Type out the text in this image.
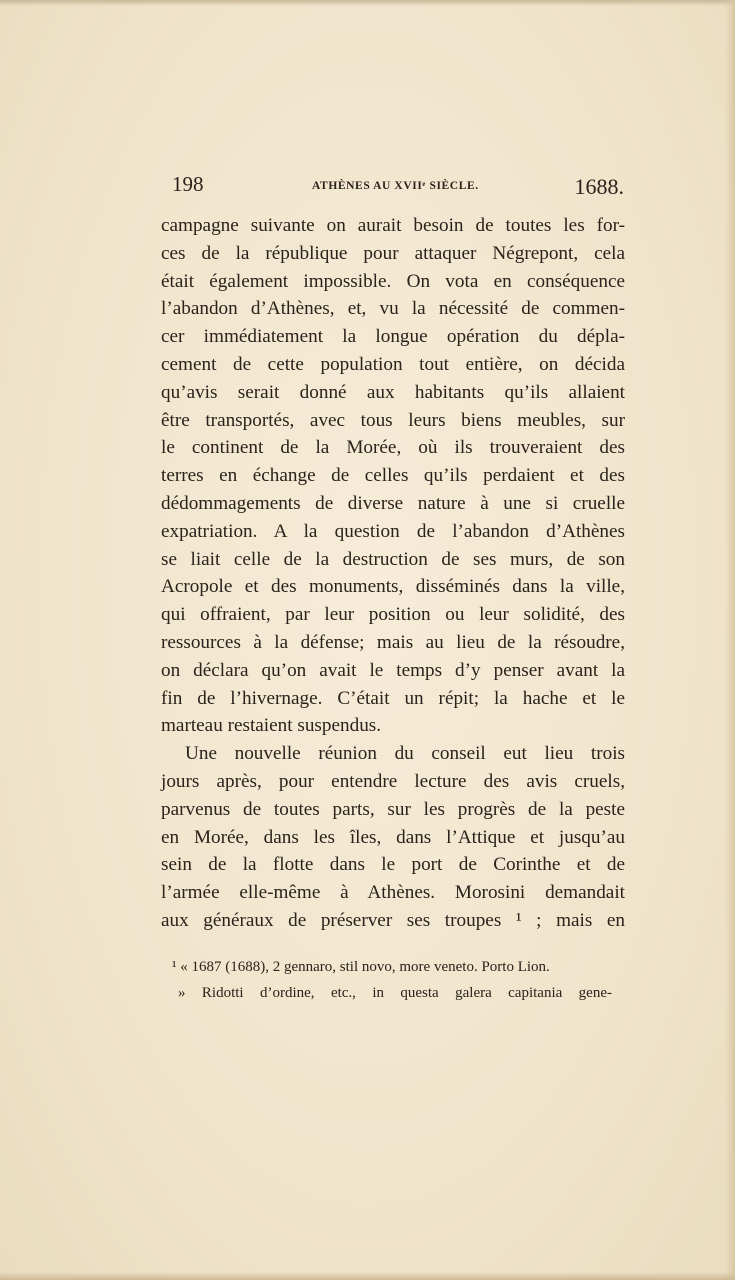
198	ATHÈNES AU XVIIᵉ SIÈCLE.	1688.
campagne suivante on aurait besoin de toutes les for-
ces de la république pour attaquer Négrepont, cela
était également impossible. On vota en conséquence
l’abandon d’Athènes, et, vu la nécessité de commen-
cer immédiatement la longue opération du dépla-
cement de cette population tout entière, on décida
qu’avis serait donné aux habitants qu’ils allaient
être transportés, avec tous leurs biens meubles, sur
le continent de la Morée, où ils trouveraient des
terres en échange de celles qu’ils perdaient et des
dédommagements de diverse nature à une si cruelle
expatriation. A la question de l’abandon d’Athènes
se liait celle de la destruction de ses murs, de son
Acropole et des monuments, disséminés dans la ville,
qui offraient, par leur position ou leur solidité, des
ressources à la défense; mais au lieu de la résoudre,
on déclara qu’on avait le temps d’y penser avant la
fin de l’hivernage. C’était un répit; la hache et le
marteau restaient suspendus.
Une nouvelle réunion du conseil eut lieu trois
jours après, pour entendre lecture des avis cruels,
parvenus de toutes parts, sur les progrès de la peste
en Morée, dans les îles, dans l’Attique et jusqu’au
sein de la flotte dans le port de Corinthe et de
l’armée elle-même à Athènes. Morosini demandait
aux généraux de préserver ses troupes ¹ ; mais en
¹ « 1687 (1688), 2 gennaro, stil novo, more veneto. Porto Lion.
» Ridotti d’ordine, etc., in questa galera capitania gene-
